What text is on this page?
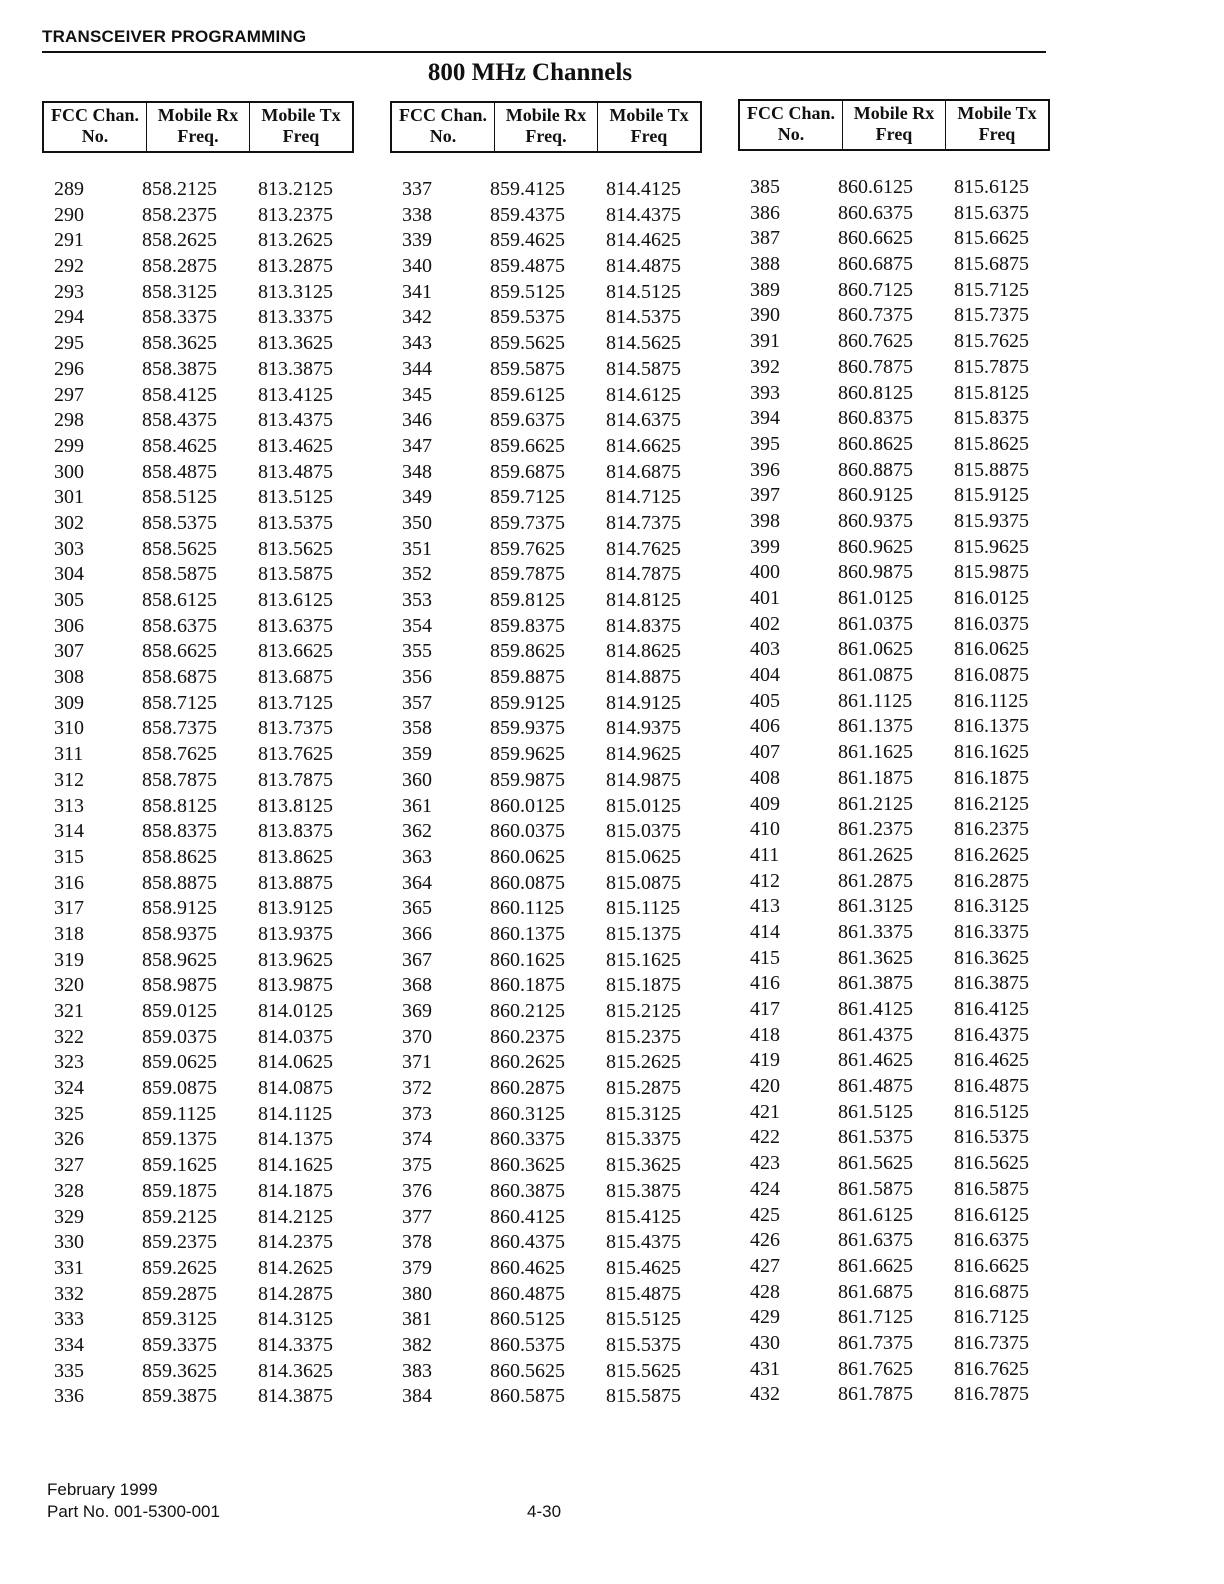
TRANSCEIVER PROGRAMMING
800 MHz Channels
FCC Chan.
No.
Mobile Rx
Freq.
Mobile Tx
Freq
289	858.2125	813.2125
290	858.2375	813.2375
291	858.2625	813.2625
292	858.2875	813.2875
293	858.3125	813.3125
294	858.3375	813.3375
295	858.3625	813.3625
296	858.3875	813.3875
297	858.4125	813.4125
298	858.4375	813.4375
299	858.4625	813.4625
300	858.4875	813.4875
301	858.5125	813.5125
302	858.5375	813.5375
303	858.5625	813.5625
304	858.5875	813.5875
305	858.6125	813.6125
306	858.6375	813.6375
307	858.6625	813.6625
308	858.6875	813.6875
309	858.7125	813.7125
310	858.7375	813.7375
311	858.7625	813.7625
312	858.7875	813.7875
313	858.8125	813.8125
314	858.8375	813.8375
315	858.8625	813.8625
316	858.8875	813.8875
317	858.9125	813.9125
318	858.9375	813.9375
319	858.9625	813.9625
320	858.9875	813.9875
321	859.0125	814.0125
322	859.0375	814.0375
323	859.0625	814.0625
324	859.0875	814.0875
325	859.1125	814.1125
326	859.1375	814.1375
327	859.1625	814.1625
328	859.1875	814.1875
329	859.2125	814.2125
330	859.2375	814.2375
331	859.2625	814.2625
332	859.2875	814.2875
333	859.3125	814.3125
334	859.3375	814.3375
335	859.3625	814.3625
336	859.3875	814.3875
FCC Chan.
No.
Mobile Rx
Freq.
Mobile Tx
Freq
337	859.4125	814.4125
338	859.4375	814.4375
339	859.4625	814.4625
340	859.4875	814.4875
341	859.5125	814.5125
342	859.5375	814.5375
343	859.5625	814.5625
344	859.5875	814.5875
345	859.6125	814.6125
346	859.6375	814.6375
347	859.6625	814.6625
348	859.6875	814.6875
349	859.7125	814.7125
350	859.7375	814.7375
351	859.7625	814.7625
352	859.7875	814.7875
353	859.8125	814.8125
354	859.8375	814.8375
355	859.8625	814.8625
356	859.8875	814.8875
357	859.9125	814.9125
358	859.9375	814.9375
359	859.9625	814.9625
360	859.9875	814.9875
361	860.0125	815.0125
362	860.0375	815.0375
363	860.0625	815.0625
364	860.0875	815.0875
365	860.1125	815.1125
366	860.1375	815.1375
367	860.1625	815.1625
368	860.1875	815.1875
369	860.2125	815.2125
370	860.2375	815.2375
371	860.2625	815.2625
372	860.2875	815.2875
373	860.3125	815.3125
374	860.3375	815.3375
375	860.3625	815.3625
376	860.3875	815.3875
377	860.4125	815.4125
378	860.4375	815.4375
379	860.4625	815.4625
380	860.4875	815.4875
381	860.5125	815.5125
382	860.5375	815.5375
383	860.5625	815.5625
384	860.5875	815.5875
FCC Chan.
No.
Mobile Rx
Freq
Mobile Tx
Freq
385	860.6125	815.6125
386	860.6375	815.6375
387	860.6625	815.6625
388	860.6875	815.6875
389	860.7125	815.7125
390	860.7375	815.7375
391	860.7625	815.7625
392	860.7875	815.7875
393	860.8125	815.8125
394	860.8375	815.8375
395	860.8625	815.8625
396	860.8875	815.8875
397	860.9125	815.9125
398	860.9375	815.9375
399	860.9625	815.9625
400	860.9875	815.9875
401	861.0125	816.0125
402	861.0375	816.0375
403	861.0625	816.0625
404	861.0875	816.0875
405	861.1125	816.1125
406	861.1375	816.1375
407	861.1625	816.1625
408	861.1875	816.1875
409	861.2125	816.2125
410	861.2375	816.2375
411	861.2625	816.2625
412	861.2875	816.2875
413	861.3125	816.3125
414	861.3375	816.3375
415	861.3625	816.3625
416	861.3875	816.3875
417	861.4125	816.4125
418	861.4375	816.4375
419	861.4625	816.4625
420	861.4875	816.4875
421	861.5125	816.5125
422	861.5375	816.5375
423	861.5625	816.5625
424	861.5875	816.5875
425	861.6125	816.6125
426	861.6375	816.6375
427	861.6625	816.6625
428	861.6875	816.6875
429	861.7125	816.7125
430	861.7375	816.7375
431	861.7625	816.7625
432	861.7875	816.7875
February 1999
Part No. 001-5300-001	4-30
